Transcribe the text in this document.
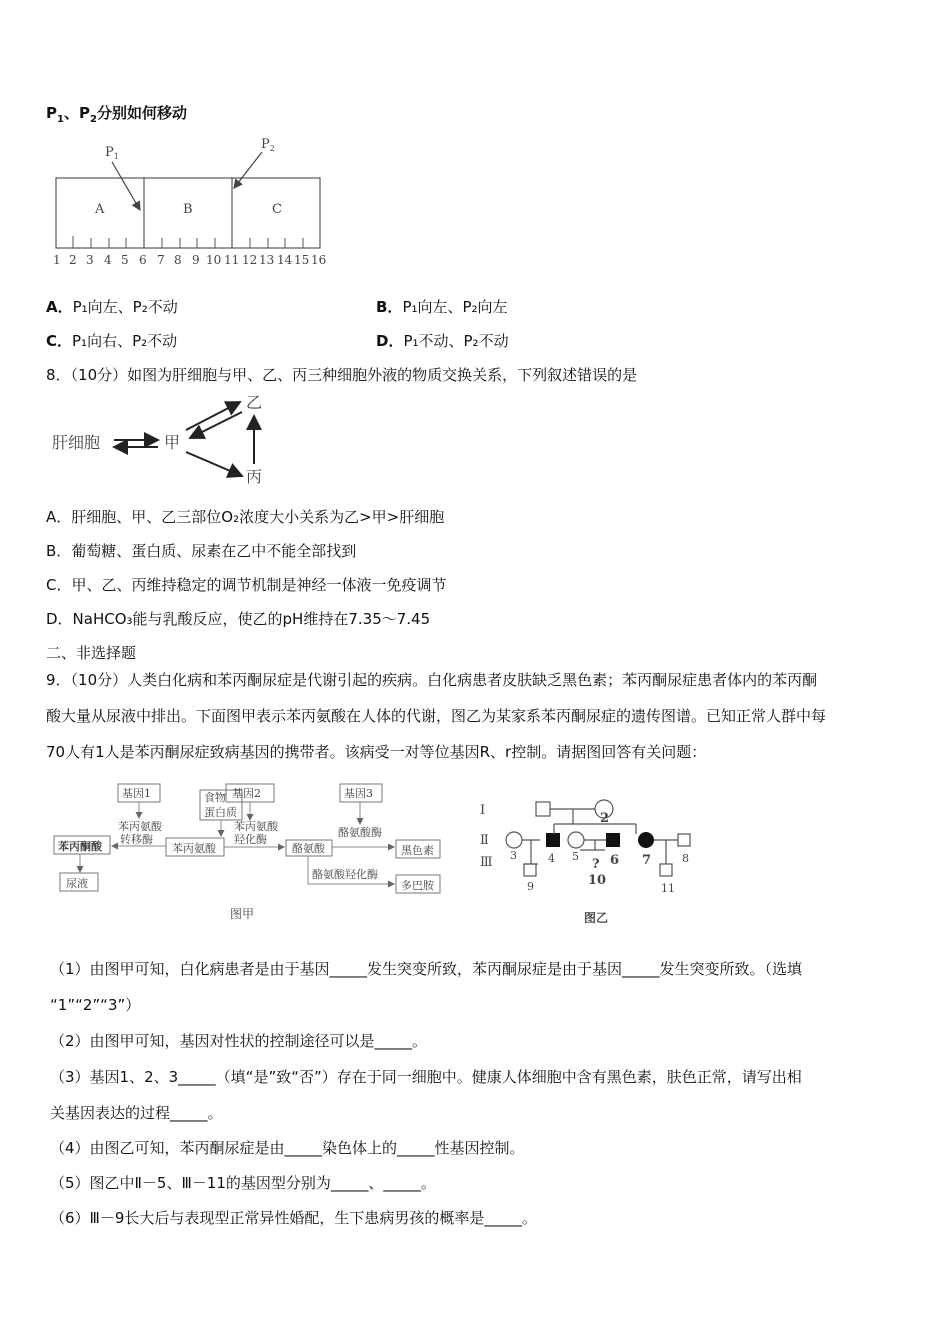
$P_1$、$P_2$分别如何移动
A	B	C
$P_1$
$P_2$
1 2 3 4 5 6 7 8 9 10 11 12 13 14 15 16
A．P₁向左、P₂不动	B．P₁向左、P₂向左
C．P₁向右、P₂不动	D．P₁不动、P₂不动
8．（10分）如图为肝细胞与甲、乙、丙三种细胞外液的物质交换关系，下列叙述错误的是
肝细胞	甲
乙
丙
A．肝细胞、甲、乙三部位O₂浓度大小关系为乙>甲>肝细胞
B．葡萄糖、蛋白质、尿素在乙中不能全部找到
C．甲、乙、丙维持稳定的调节机制是神经一体液一免疫调节
D．NaHCO₃能与乳酸反应，使乙的pH维持在7.35～7.45
二、非选择题
9．（10分）人类白化病和苯丙酮尿症是代谢引起的疾病。白化病患者皮肤缺乏黑色素；苯丙酮尿症患者体内的苯丙酮
酸大量从尿液中排出。下面图甲表示苯丙氨酸在人体的代谢，图乙为某家系苯丙酮尿症的遗传图谱。已知正常人群中每
70人有1人是苯丙酮尿症致病基因的携带者。该病受一对等位基因R、r控制。请据图回答有关问题：
基因1	食物
蛋白质
基因2	基因3
苯丙氨酸
转移酶
苯丙氨酸
羟化酶
酪氨酸酶
酪氨酸羟化酶
苯丙酮酸
尿液
苯丙氨酸	酪氨酸	黑色素
多巴胺
图甲
Ⅰ
Ⅱ
Ⅲ 3	4 5	8
9	11
2
6 7
?
10
图乙
（1）由图甲可知，白化病患者是由于基因_____发生突变所致，苯丙酮尿症是由于基因_____发生突变所致。（选填
“1”“2”“3”）
（2）由图甲可知，基因对性状的控制途径可以是_____。
（3）基因1、2、3_____（填“是”致“否”）存在于同一细胞中。健康人体细胞中含有黑色素，肤色正常，请写出相
关基因表达的过程_____。
（4）由图乙可知，苯丙酮尿症是由_____染色体上的_____性基因控制。
（5）图乙中Ⅱ－5、Ⅲ－11的基因型分别为_____、_____。
（6）Ⅲ－9长大后与表现型正常异性婚配，生下患病男孩的概率是_____。
